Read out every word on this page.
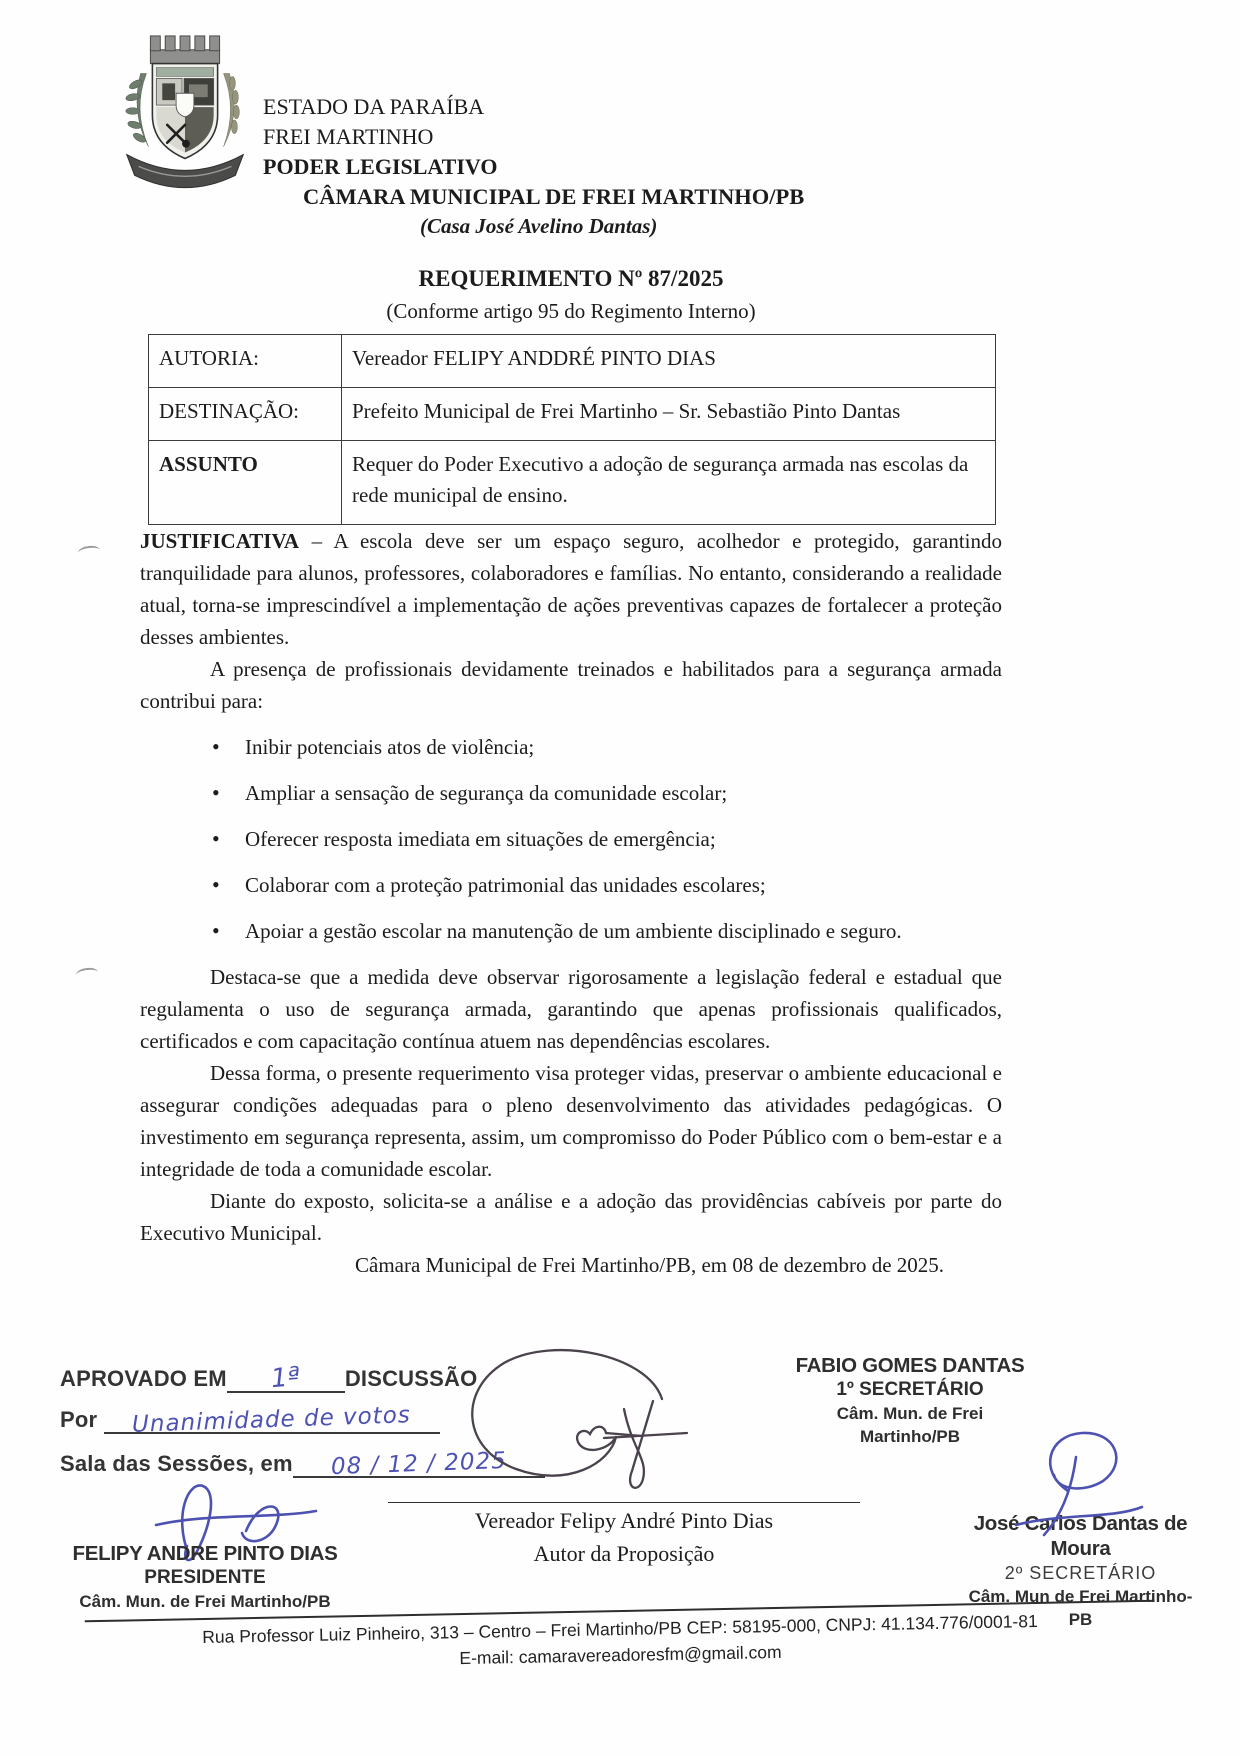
ESTADO DA PARAÍBA
FREI MARTINHO
PODER LEGISLATIVO
CÂMARA MUNICIPAL DE FREI MARTINHO/PB
(Casa José Avelino Dantas)
REQUERIMENTO Nº 87/2025
(Conforme artigo 95 do Regimento Interno)
AUTORIA:	Vereador FELIPY ANDDRÉ PINTO DIAS
DESTINAÇÃO:	Prefeito Municipal de Frei Martinho – Sr. Sebastião Pinto Dantas
ASSUNTO	Requer do Poder Executivo a adoção de segurança armada nas escolas da rede municipal de ensino.

JUSTIFICATIVA – A escola deve ser um espaço seguro, acolhedor e protegido, garantindo tranquilidade para alunos, professores, colaboradores e famílias. No entanto, considerando a realidade atual, torna-se imprescindível a implementação de ações preventivas capazes de fortalecer a proteção desses ambientes.

A presença de profissionais devidamente treinados e habilitados para a segurança armada contribui para:

• Inibir potenciais atos de violência;
• Ampliar a sensação de segurança da comunidade escolar;
• Oferecer resposta imediata em situações de emergência;
• Colaborar com a proteção patrimonial das unidades escolares;
• Apoiar a gestão escolar na manutenção de um ambiente disciplinado e seguro.

Destaca-se que a medida deve observar rigorosamente a legislação federal e estadual que regulamenta o uso de segurança armada, garantindo que apenas profissionais qualificados, certificados e com capacitação contínua atuem nas dependências escolares.

Dessa forma, o presente requerimento visa proteger vidas, preservar o ambiente educacional e assegurar condições adequadas para o pleno desenvolvimento das atividades pedagógicas. O investimento em segurança representa, assim, um compromisso do Poder Público com o bem-estar e a integridade de toda a comunidade escolar.

Diante do exposto, solicita-se a análise e a adoção das providências cabíveis por parte do Executivo Municipal.

Câmara Municipal de Frei Martinho/PB, em 08 de dezembro de 2025.

APROVADO EM 1ª DISCUSSÃO
Por Unanimidade de votos
Sala das Sessões, em 08 / 12 / 2025
FELIPY ANDRE PINTO DIAS
PRESIDENTE
Câm. Mun. de Frei Martinho/PB
Vereador Felipy André Pinto Dias
Autor da Proposição
FABIO GOMES DANTAS
1º SECRETÁRIO
Câm. Mun. de Frei Martinho/PB
José Carlos Dantas de Moura
2º SECRETÁRIO
Câm. Mun de Frei Martinho-PB
Rua Professor Luiz Pinheiro, 313 – Centro – Frei Martinho/PB CEP: 58195-000, CNPJ: 41.134.776/0001-81
E-mail: camaravereadoresfm@gmail.com
